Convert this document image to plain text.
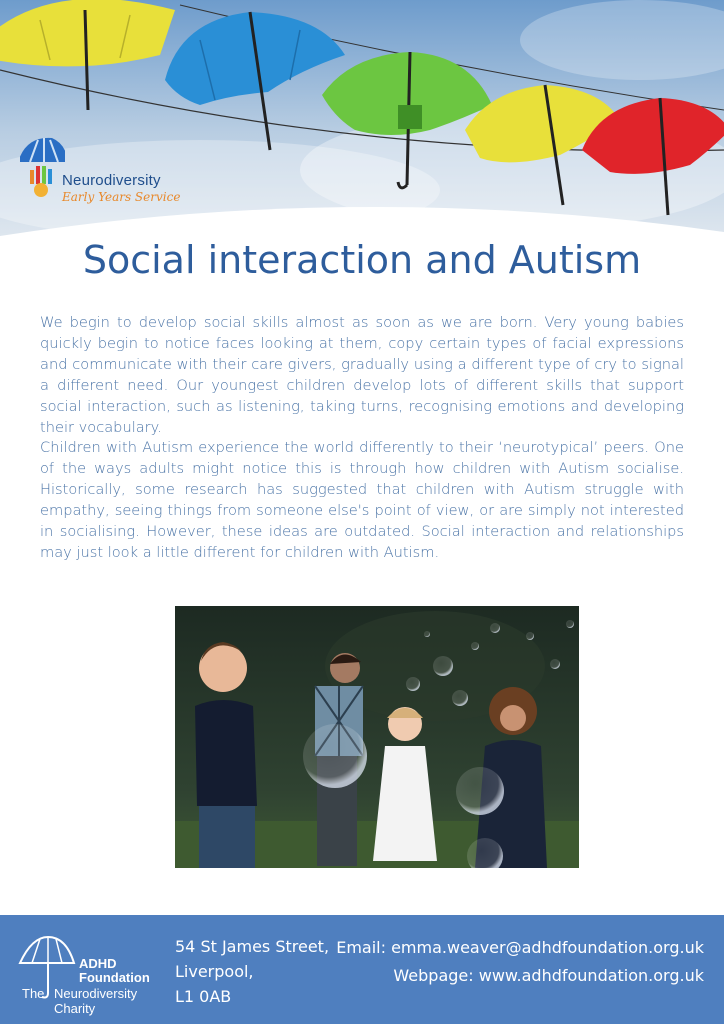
Neurodiversity
Early Years Service
Social interaction and Autism

We begin to develop social skills almost as soon as we are born. Very young babies quickly begin to notice faces looking at them, copy certain types of facial expressions and communicate with their care givers, gradually using a different type of cry to signal a different need. Our youngest children develop lots of different skills that support social interaction, such as listening, taking turns, recognising emotions and developing their vocabulary.

Children with Autism experience the world differently to their ‘neurotypical’ peers. One of the ways adults might notice this is through how children with Autism socialise. Historically, some research has suggested that children with Autism struggle with empathy, seeing things from someone else's point of view, or are simply not interested in socialising. However, these ideas are outdated. Social interaction and relationships may just look a little different for children with Autism.

ADHD
Foundation
The Neurodiversity
Charity
54 St James Street,
Liverpool,
L1 0AB
Email: emma.weaver@adhdfoundation.org.uk
Webpage: www.adhdfoundation.org.uk
